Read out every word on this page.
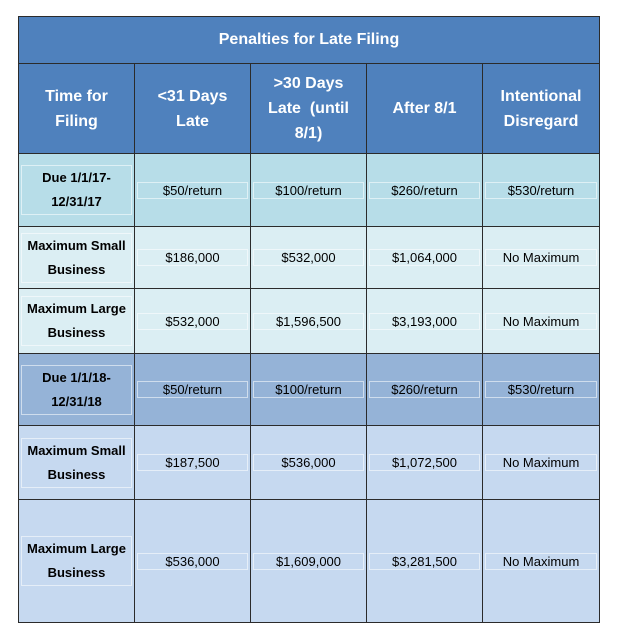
Penalties for Late Filing				

Time for Filing	<31 Days Late	>30 Days Late  (until 8/1)	After 8/1	Intentional Disregard

Due 1/1/17-12/31/17	$50/return	$100/return	$260/return	$530/return

Maximum Small Business	$186,000	$532,000	$1,064,000	No Maximum

Maximum Large Business	$532,000	$1,596,500	$3,193,000	No Maximum

Due 1/1/18-12/31/18	$50/return	$100/return	$260/return	$530/return

Maximum Small Business	$187,500	$536,000	$1,072,500	No Maximum

Maximum Large Business	$536,000	$1,609,000	$3,281,500	No Maximum
